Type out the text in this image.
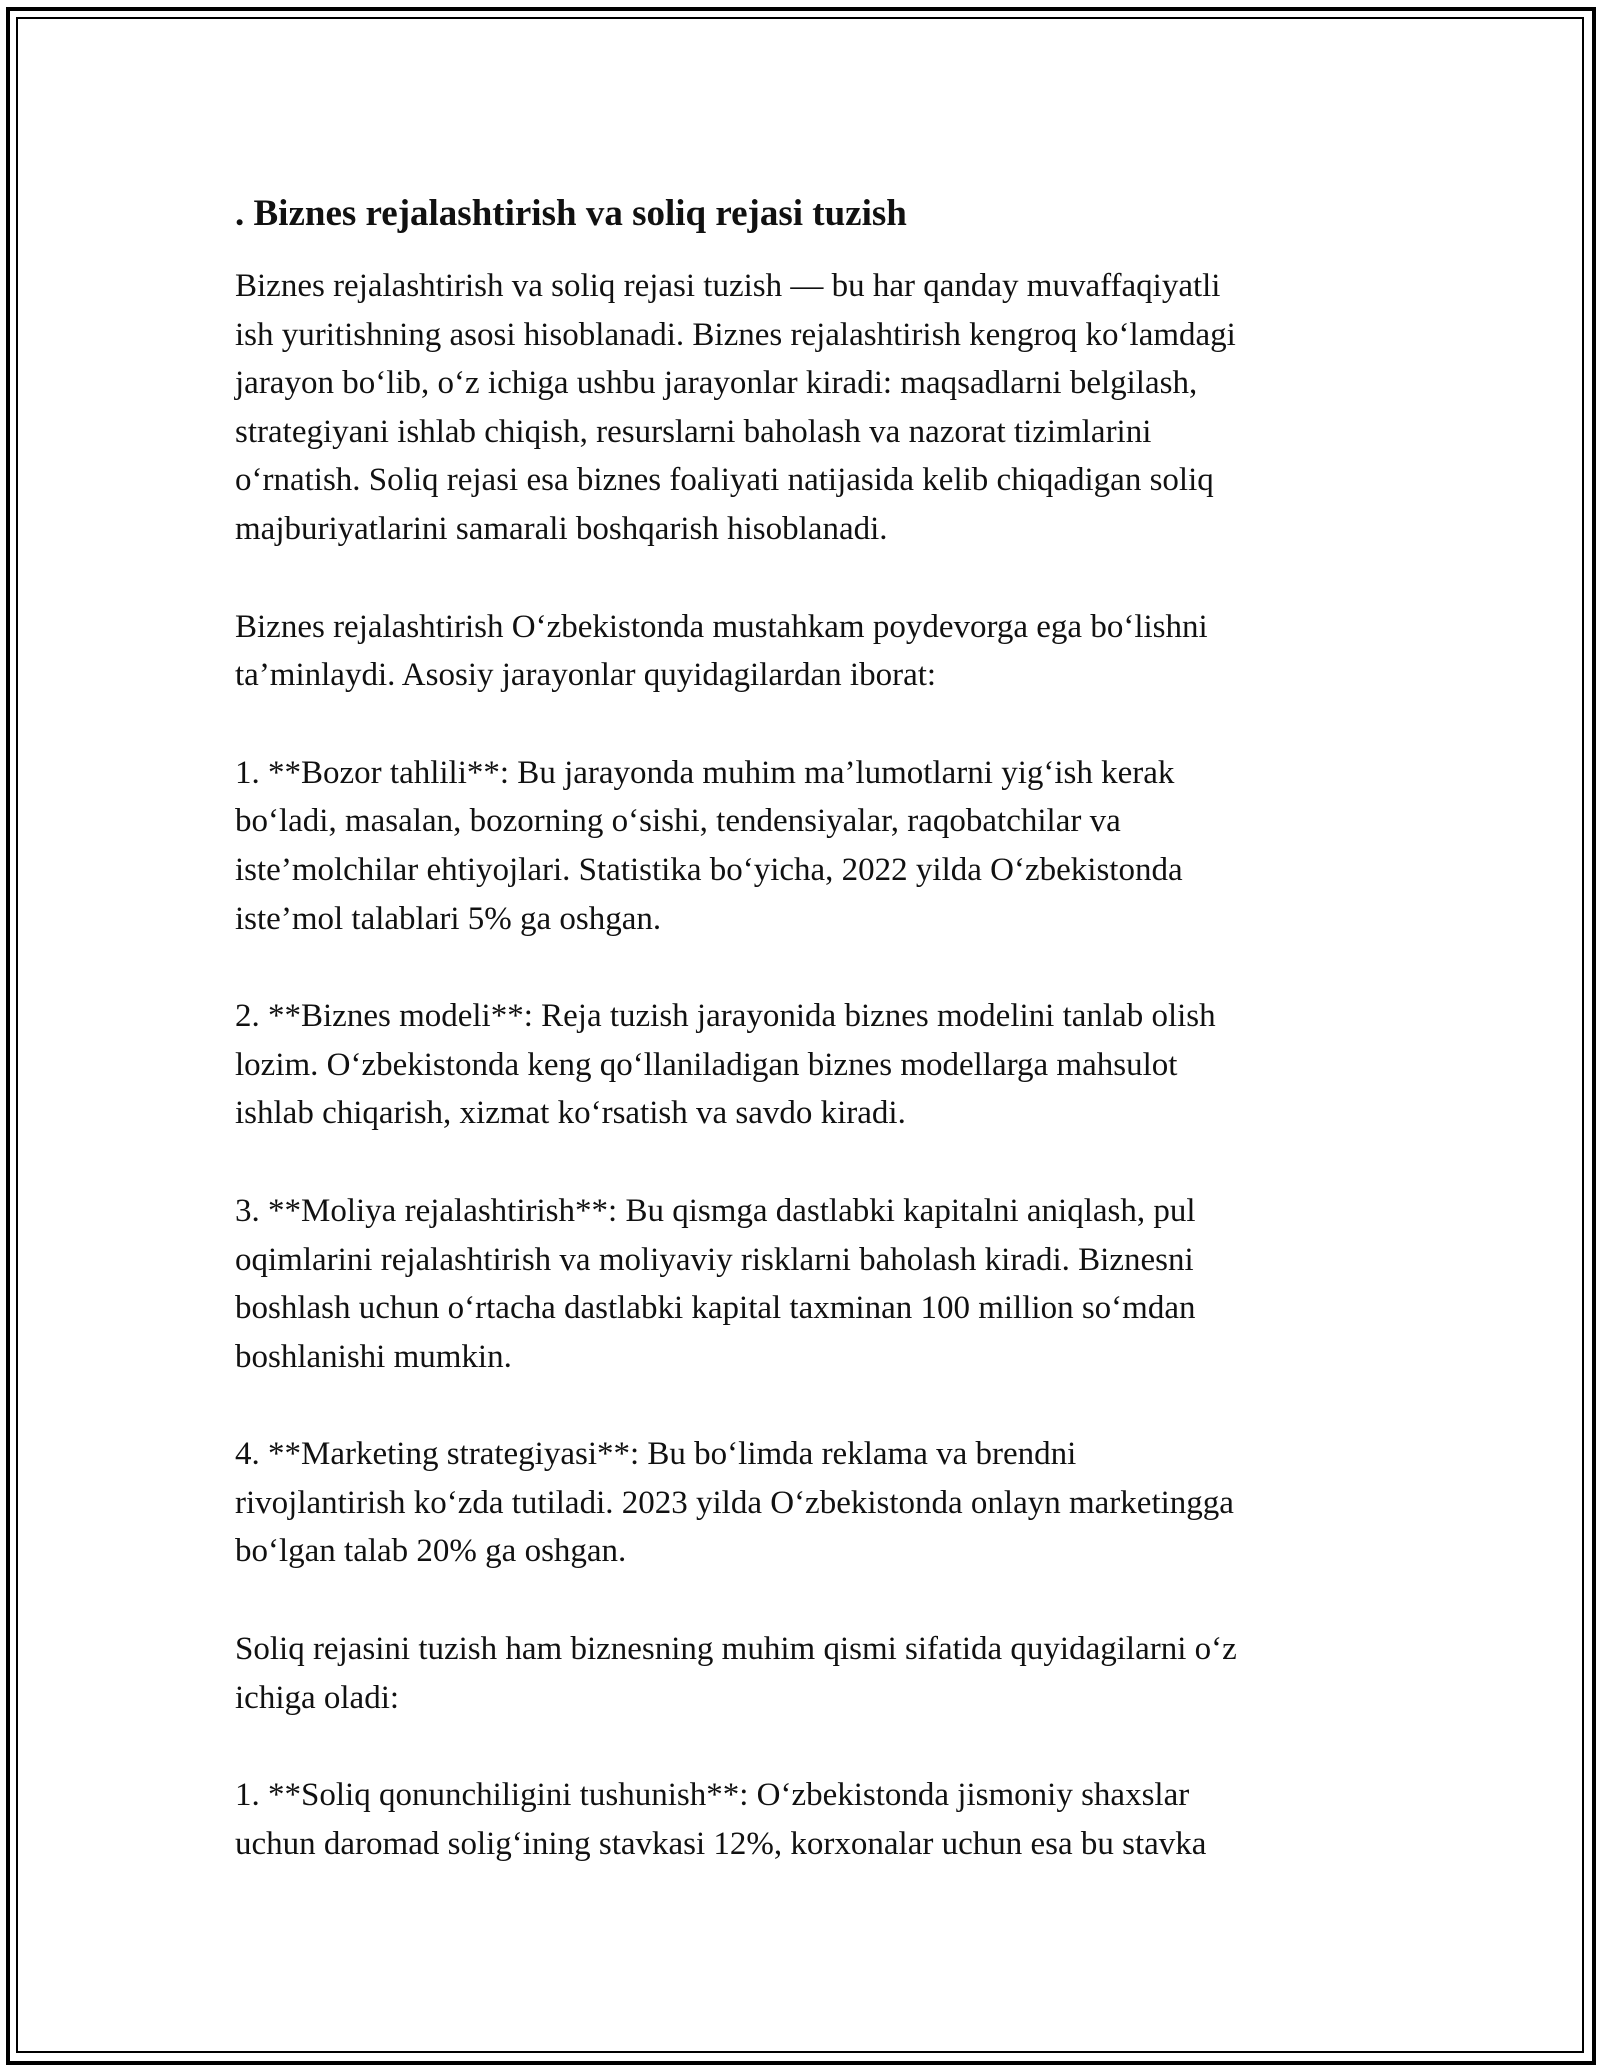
. Biznes rejalashtirish va soliq rejasi tuzish

Biznes rejalashtirish va soliq rejasi tuzish — bu har qanday muvaffaqiyatli
ish yuritishning asosi hisoblanadi. Biznes rejalashtirish kengroq koʻlamdagi
jarayon boʻlib, oʻz ichiga ushbu jarayonlar kiradi: maqsadlarni belgilash,
strategiyani ishlab chiqish, resurslarni baholash va nazorat tizimlarini
oʻrnatish. Soliq rejasi esa biznes foaliyati natijasida kelib chiqadigan soliq
majburiyatlarini samarali boshqarish hisoblanadi.

Biznes rejalashtirish Oʻzbekistonda mustahkam poydevorga ega boʻlishni
ta’minlaydi. Asosiy jarayonlar quyidagilardan iborat:

1. **Bozor tahlili**: Bu jarayonda muhim ma’lumotlarni yigʻish kerak
boʻladi, masalan, bozorning oʻsishi, tendensiyalar, raqobatchilar va
iste’molchilar ehtiyojlari. Statistika boʻyicha, 2022 yilda Oʻzbekistonda
iste’mol talablari 5% ga oshgan.

2. **Biznes modeli**: Reja tuzish jarayonida biznes modelini tanlab olish
lozim. Oʻzbekistonda keng qoʻllaniladigan biznes modellarga mahsulot
ishlab chiqarish, xizmat koʻrsatish va savdo kiradi.

3. **Moliya rejalashtirish**: Bu qismga dastlabki kapitalni aniqlash, pul
oqimlarini rejalashtirish va moliyaviy risklarni baholash kiradi. Biznesni
boshlash uchun oʻrtacha dastlabki kapital taxminan 100 million soʻmdan
boshlanishi mumkin.

4. **Marketing strategiyasi**: Bu boʻlimda reklama va brendni
rivojlantirish koʻzda tutiladi. 2023 yilda Oʻzbekistonda onlayn marketingga
boʻlgan talab 20% ga oshgan.

Soliq rejasini tuzish ham biznesning muhim qismi sifatida quyidagilarni oʻz
ichiga oladi:

1. **Soliq qonunchiligini tushunish**: Oʻzbekistonda jismoniy shaxslar
uchun daromad soligʻining stavkasi 12%, korxonalar uchun esa bu stavka
